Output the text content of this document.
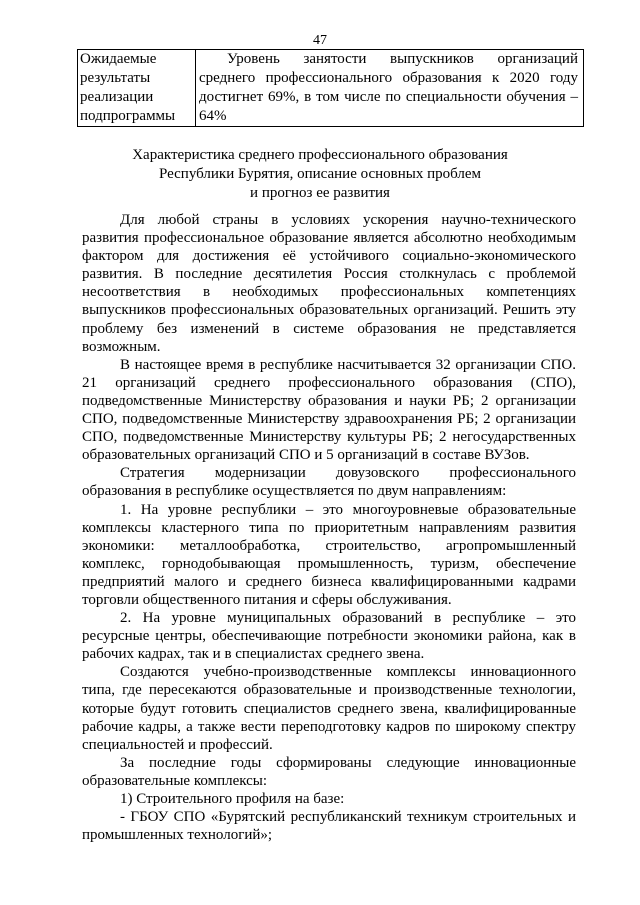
47
Ожидаемые
результаты
реализации
подпрограммы
	Уровень занятости выпускников организаций среднего профессионального образования к 2020 году достигнет 69%, в том числе по специальности обучения – 64%
Характеристика среднего профессионального образования
Республики Бурятия, описание основных проблем
и прогноз ее развития

Для любой страны в условиях ускорения научно-технического развития профессиональное образование является абсолютно необходимым фактором для достижения её устойчивого социально-экономического развития. В последние десятилетия Россия столкнулась с проблемой несоответствия в необходимых профессиональных компетенциях выпускников профессиональных образовательных организаций. Решить эту проблему без изменений в системе образования не представляется возможным.

В настоящее время в республике насчитывается 32 организации СПО. 21 организаций среднего профессионального образования (СПО), подведомственные Министерству образования и науки РБ; 2 организации СПО, подведомственные Министерству здравоохранения РБ; 2 организации СПО, подведомственные Министерству культуры РБ; 2 негосударственных образовательных организаций СПО и 5 организаций в составе ВУЗов.

Стратегия модернизации довузовского профессионального образования в республике осуществляется по двум направлениям:

1. На уровне республики – это многоуровневые образовательные комплексы кластерного типа по приоритетным направлениям развития экономики: металлообработка, строительство, агропромышленный комплекс, горнодобывающая промышленность, туризм, обеспечение предприятий малого и среднего бизнеса квалифицированными кадрами торговли общественного питания и сферы обслуживания.

2. На уровне муниципальных образований в республике – это ресурсные центры, обеспечивающие потребности экономики района, как в рабочих кадрах, так и в специалистах среднего звена.

Создаются учебно-производственные комплексы инновационного типа, где пересекаются образовательные и производственные технологии, которые будут готовить специалистов среднего звена, квалифицированные рабочие кадры, а также вести переподготовку кадров по широкому спектру специальностей и профессий.

За последние годы сформированы следующие инновационные образовательные комплексы:

1) Строительного профиля на базе:

- ГБОУ СПО «Бурятский республиканский техникум строительных и промышленных технологий»;
